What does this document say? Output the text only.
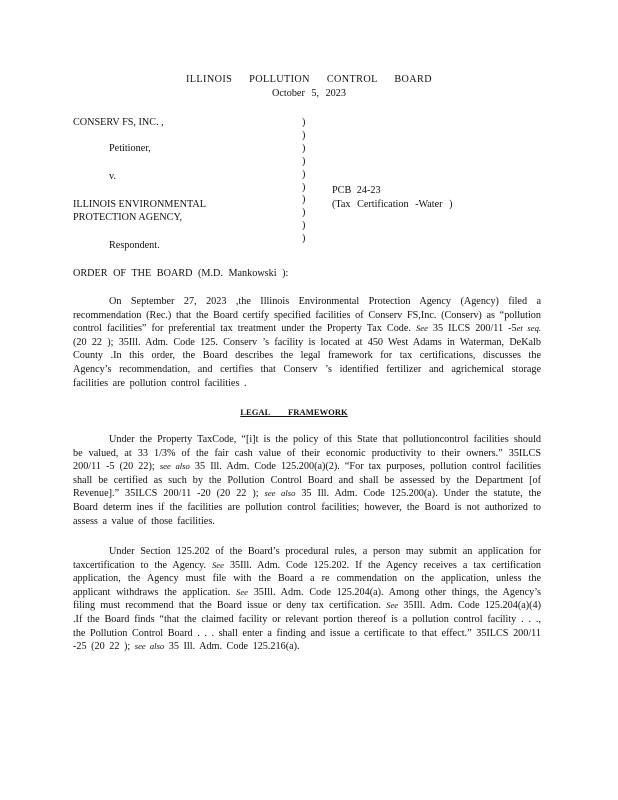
ILLINOIS POLLUTION CONTROL BOARD
October 5, 2023
CONSERV FS, INC. ,
Petitioner,
v.
ILLINOIS ENVIRONMENTAL
PROTECTION AGENCY,
Respondent.
)
)
)
)
)
)
)
)
)
)
PCB 24-23
(Tax Certification -Water )
ORDER OF THE BOARD (M.D. Mankowski ):
On September 27, 2023 ,the Illinois Environmental Protection Agency (Agency) filed a recommendation (Rec.) that the Board certify specified facilities of Conserv FS,Inc. (Conserv) as “pollution control facilities” for preferential tax treatment under the Property Tax Code. See 35 ILCS 200/11 -5et seq. (20 22 ); 35Ill. Adm. Code 125. Conserv ’s facility is located at 450 West Adams in Waterman, DeKalb County .In this order, the Board describes the legal framework for tax certifications, discusses the Agency’s recommendation, and certifies that Conserv ’s identified fertilizer and agrichemical storage facilities are pollution control facilities .
LEGAL FRAMEWORK
Under the Property TaxCode, “[i]t is the policy of this State that pollutioncontrol facilities should be valued, at 33 1/3% of the fair cash value of their economic productivity to their owners.” 35ILCS 200/11 -5 (20 22); see also 35 Ill. Adm. Code 125.200(a)(2). “For tax purposes, pollution control facilities shall be certified as such by the Pollution Control Board and shall be assessed by the Department [of Revenue].” 35ILCS 200/11 -20 (20 22 ); see also 35 Ill. Adm. Code 125.200(a). Under the statute, the Board determ ines if the facilities are pollution control facilities; however, the Board is not authorized to assess a value of those facilities.
Under Section 125.202 of the Board’s procedural rules, a person may submit an application for taxcertification to the Agency. See 35Ill. Adm. Code 125.202. If the Agency receives a tax certification application, the Agency must file with the Board a re commendation on the application, unless the applicant withdraws the application. See 35Ill. Adm. Code 125.204(a). Among other things, the Agency’s filing must recommend that the Board issue or deny tax certification. See 35Ill. Adm. Code 125.204(a)(4) .If the Board finds “that the claimed facility or relevant portion thereof is a pollution control facility . . ., the Pollution Control Board . . . shall enter a finding and issue a certificate to that effect.” 35ILCS 200/11 -25 (20 22 ); see also 35 Ill. Adm. Code 125.216(a).
